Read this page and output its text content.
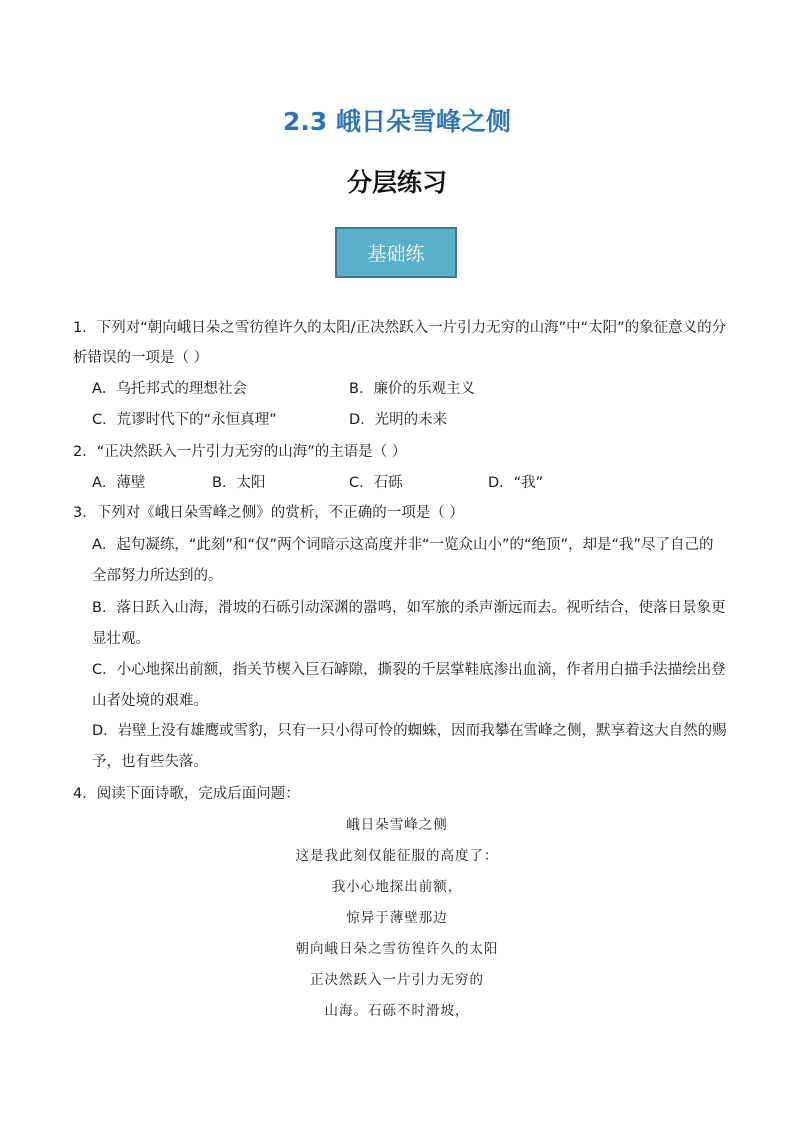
2.3 峨日朵雪峰之侧
分层练习
基础练
1．下列对“朝向峨日朵之雪彷徨许久的太阳/正决然跃入一片引力无穷的山海”中“太阳”的象征意义的分析错误的一项是（ ）
A．乌托邦式的理想社会	B．廉价的乐观主义
C．荒谬时代下的“永恒真理”	D．光明的未来
2．“正决然跃入一片引力无穷的山海”的主语是（ ）
A．薄壁	B．太阳	C．石砾	D．“我”
3．下列对《峨日朵雪峰之侧》的赏析，不正确的一项是（ ）
A．起句凝练，“此刻”和“仅”两个词暗示这高度并非“一览众山小”的“绝顶”，却是“我”尽了自己的全部努力所达到的。
B．落日跃入山海，滑坡的石砾引动深渊的嚣鸣，如军旅的杀声渐远而去。视听结合，使落日景象更显壮观。
C．小心地探出前额，指关节楔入巨石罅隙，撕裂的千层掌鞋底渗出血滴，作者用白描手法描绘出登山者处境的艰难。
D．岩壁上没有雄鹰或雪豹，只有一只小得可怜的蜘蛛，因而我攀在雪峰之侧，默享着这大自然的赐予，也有些失落。
4．阅读下面诗歌，完成后面问题：
峨日朵雪峰之侧
这是我此刻仅能征服的高度了：
我小心地探出前额，
惊异于薄壁那边
朝向峨日朵之雪彷徨许久的太阳
正决然跃入一片引力无穷的
山海。石砾不时滑坡，
